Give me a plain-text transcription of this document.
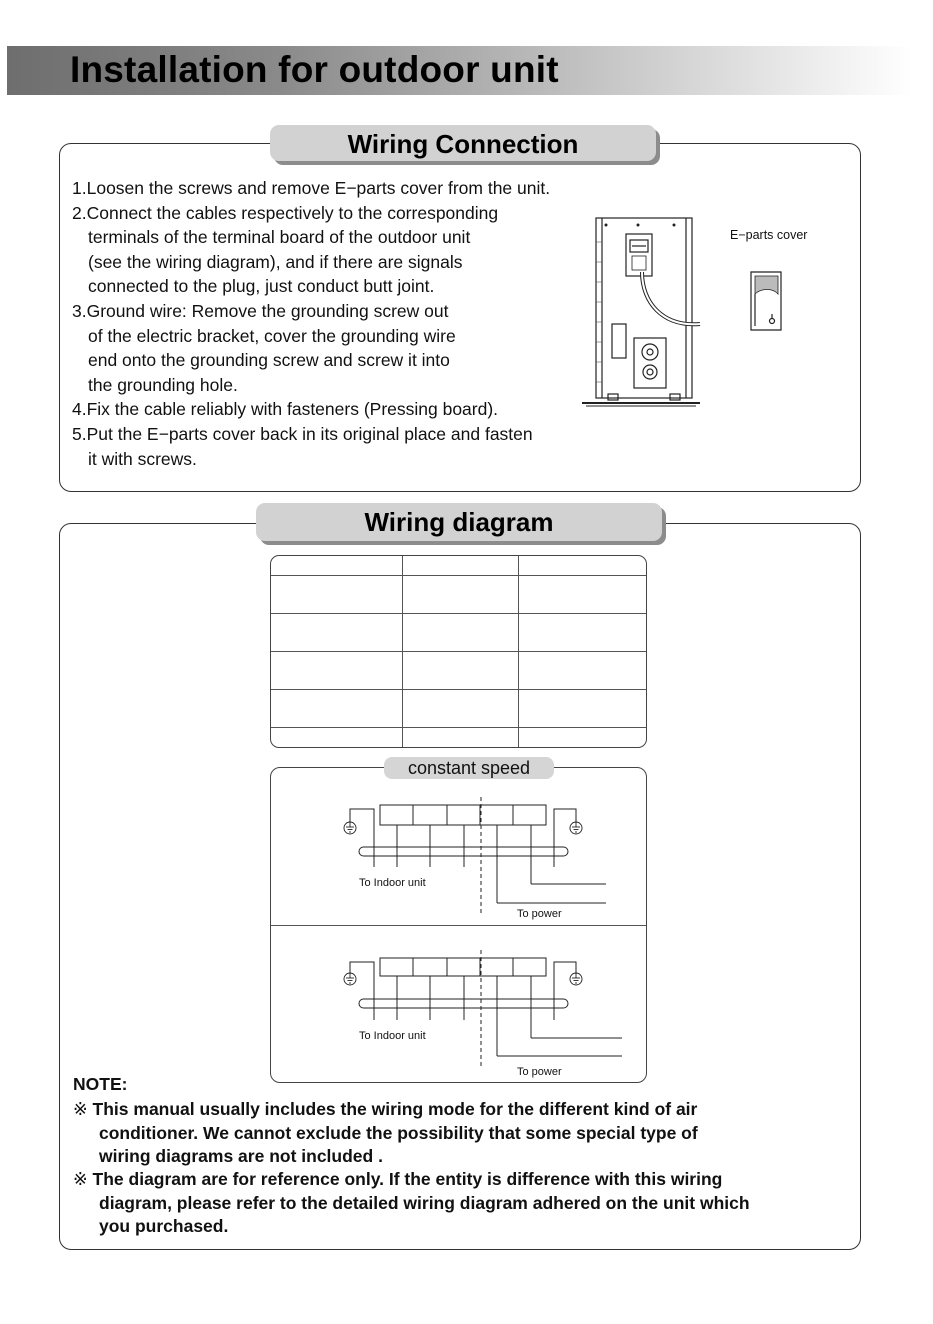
Installation for outdoor unit
Wiring Connection
1.Loosen the screws and remove E−parts cover from the unit.
2.Connect the cables respectively to the corresponding
terminals of the terminal board of the outdoor unit
(see the wiring diagram), and if there are signals
connected to the plug, just conduct butt joint.
3.Ground wire: Remove the grounding screw out
of the electric bracket, cover the grounding wire
end onto the grounding screw and screw it into
the grounding hole.
4.Fix the cable reliably with fasteners (Pressing board).
5.Put the E−parts cover back in its original place and fasten
it with screws.
E−parts cover
Wiring diagram

constant speed
To Indoor unit
To power
To Indoor unit
To power
NOTE:
※ This manual usually includes the wiring mode for the different kind of air
conditioner. We cannot exclude the possibility that some special type of
wiring diagrams are not included .
※ The diagram are for reference only. If the entity is difference with this wiring
diagram, please refer to the detailed wiring diagram adhered on the unit which
you purchased.
